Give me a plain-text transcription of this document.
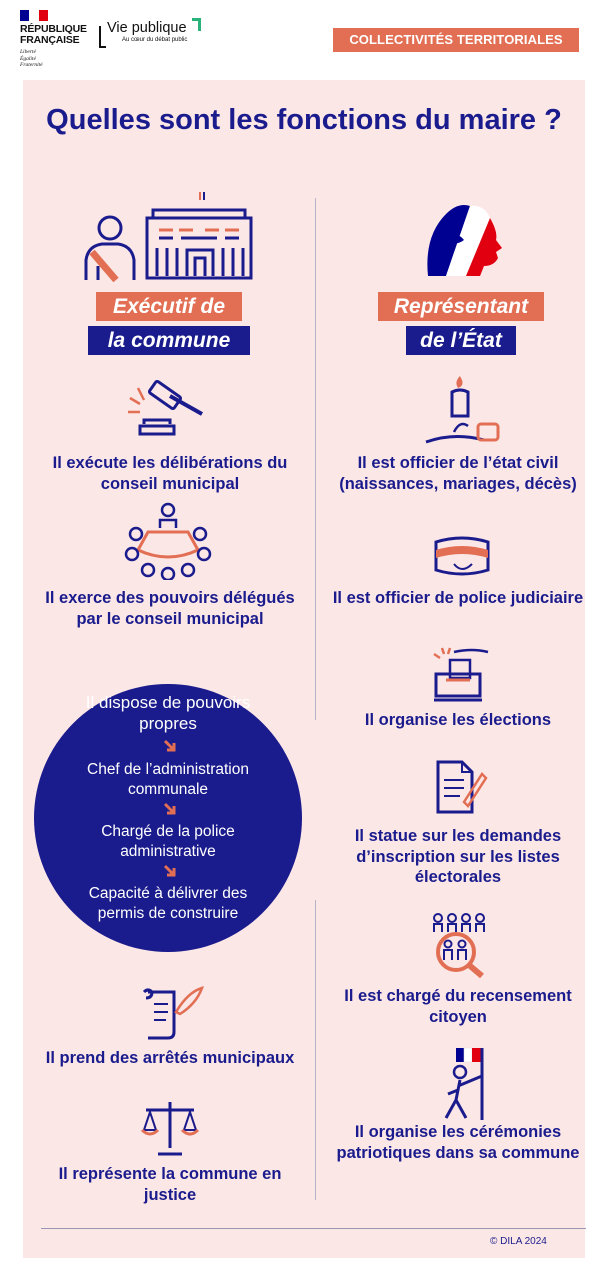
RÉPUBLIQUE FRANÇAISE
Liberté
Égalité
Fraternité
Vie publique
Au cœur du débat public	COLLECTIVITÉS TERRITORIALES
Quelles sont les fonctions du maire ?
Exécutif de
la commune
Représentant
de l’État
Il exécute les délibérations du conseil municipal
Il exerce des pouvoirs délégués par le conseil municipal
Il dispose de pouvoirs propres
Chef de l’administration communale
Chargé de la police administrative
Capacité à délivrer des permis de construire
Il prend des arrêtés municipaux
Il représente la commune en justice
Il est officier de l’état civil (naissances, mariages, décès)
Il est officier de police judiciaire
Il organise les élections
Il statue sur les demandes d’inscription sur les listes électorales
Il est chargé du recensement citoyen
Il organise les cérémonies patriotiques dans sa commune
© DILA 2024
